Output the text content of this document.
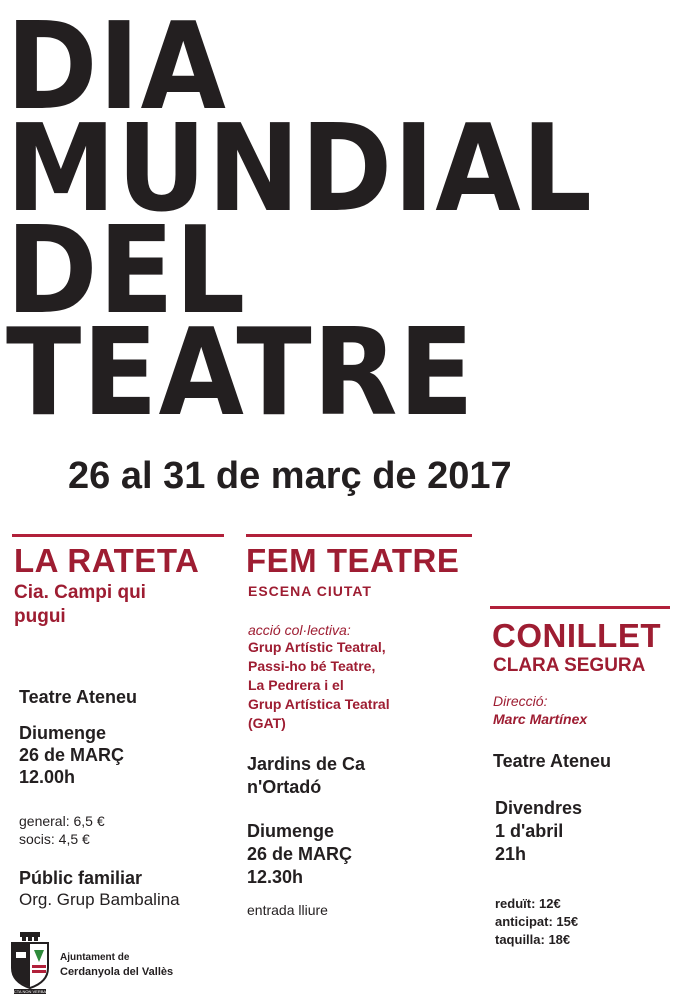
DIA
MUNDIAL
DEL
TEATRE

26 al 31 de març de 2017

LA RATETA

Cia. Campi qui

pugui

Teatre Ateneu

Diumenge

26 de MARÇ

12.00h

general: 6,5 €

socis: 4,5 €

Públic familiar

Org. Grup Bambalina

FEM TEATRE

ESCENA CIUTAT

acció col·lectiva:

Grup Artístic Teatral,

Passi-ho bé Teatre,

La Pedrera i el

Grup Artística Teatral

(GAT)

Jardins de Ca

n'Ortadó

Diumenge

26 de MARÇ

12.30h

entrada lliure

CONILLET

CLARA SEGURA

Direcció:

Marc Martínex

Teatre Ateneu

Divendres

1 d'abril

21h

reduït: 12€

anticipat: 15€

taquilla: 18€

FACTA NON VERBA

Ajuntament de

Cerdanyola del Vallès
